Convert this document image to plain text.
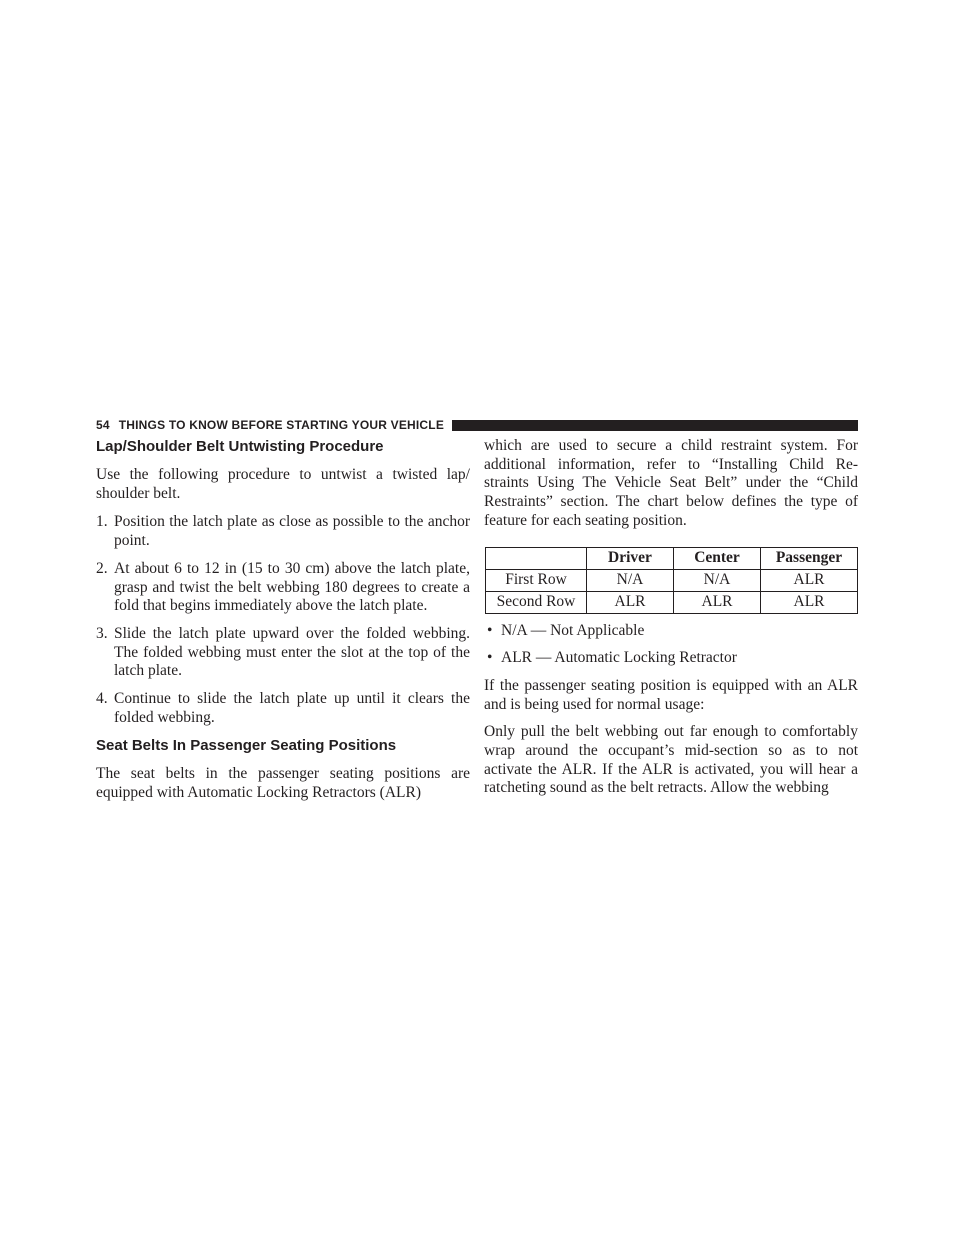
54 THINGS TO KNOW BEFORE STARTING YOUR VEHICLE
Lap/Shoulder Belt Untwisting Procedure

Use the following procedure to untwist a twisted lap/ shoulder belt.

1. Position the latch plate as close as possible to the anchor point.
2. At about 6 to 12 in (15 to 30 cm) above the latch plate, grasp and twist the belt webbing 180 degrees to create a fold that begins immediately above the latch plate.
3. Slide the latch plate upward over the folded webbing. The folded webbing must enter the slot at the top of the latch plate.
4. Continue to slide the latch plate up until it clears the folded webbing.
Seat Belts In Passenger Seating Positions

The seat belts in the passenger seating positions are equipped with Automatic Locking Retractors (ALR)

which are used to secure a child restraint system. For additional information, refer to “Installing Child Re- straints Using The Vehicle Seat Belt” under the “Child Restraints” section. The chart below defines the type of feature for each seating position.

	Driver	Center	Passenger
First Row	N/A	N/A	ALR
Second Row	ALR	ALR	ALR
• N/A — Not Applicable
• ALR — Automatic Locking Retractor

If the passenger seating position is equipped with an ALR and is being used for normal usage:

Only pull the belt webbing out far enough to comfortably wrap around the occupant’s mid-section so as to not activate the ALR. If the ALR is activated, you will hear a ratcheting sound as the belt retracts. Allow the webbing
